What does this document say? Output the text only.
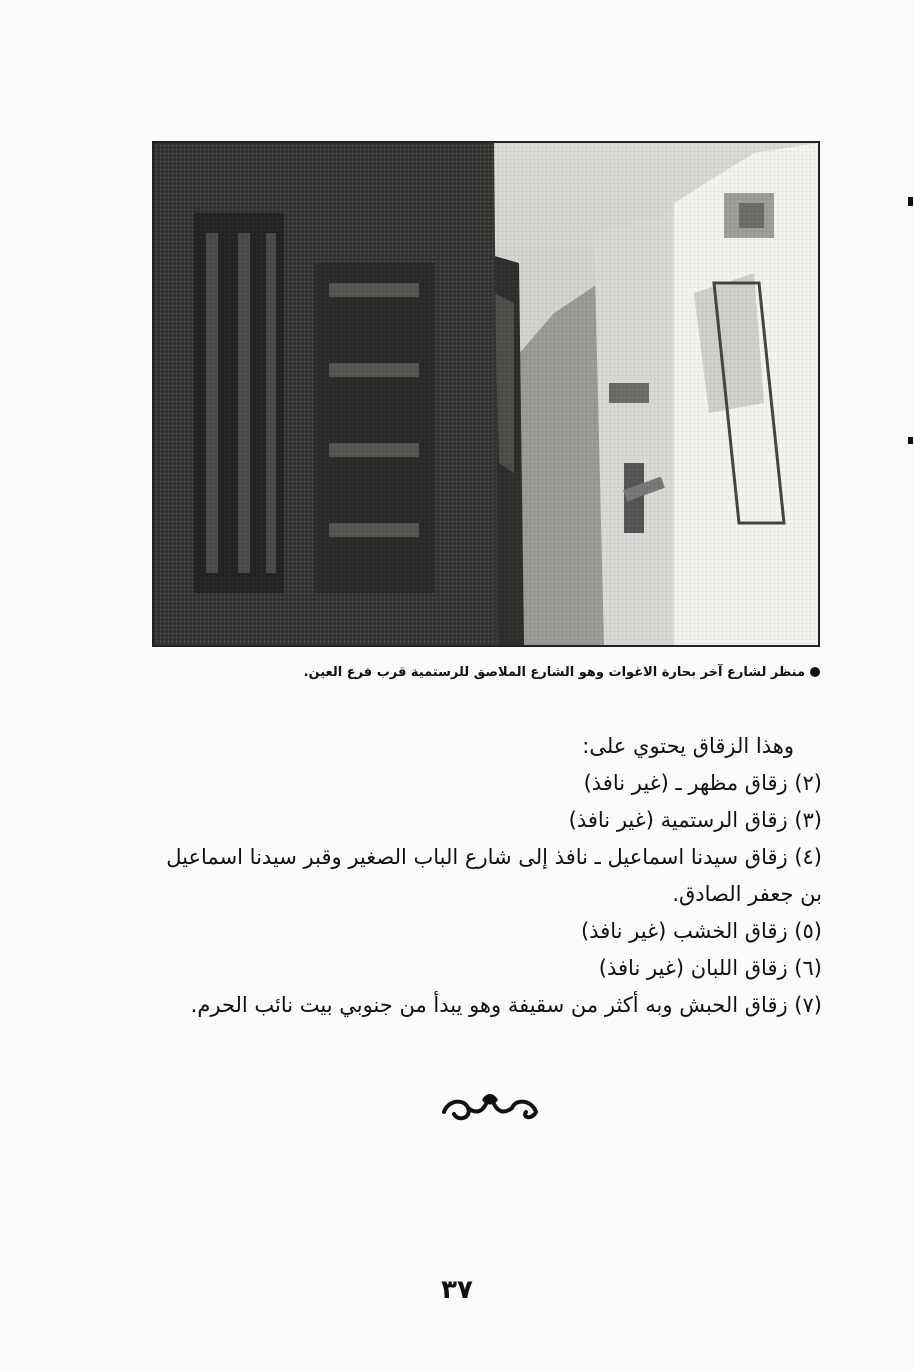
منظر لشارع آخر بحارة الاغوات وهو الشارع الملاصق للرستمية قرب فرع العين.

وهذا الزقاق يحتوي على:

(٢) زقاق مظهر ـ (غير نافذ)

(٣) زقاق الرستمية (غير نافذ)

(٤) زقاق سيدنا اسماعيل ـ نافذ إلى شارع الباب الصغير وقبر سيدنا اسماعيل بن جعفر الصادق.

(٥) زقاق الخشب (غير نافذ)

(٦) زقاق اللبان (غير نافذ)

(٧) زقاق الحبش وبه أكثر من سقيفة وهو يبدأ من جنوبي بيت نائب الحرم.

٣٧
